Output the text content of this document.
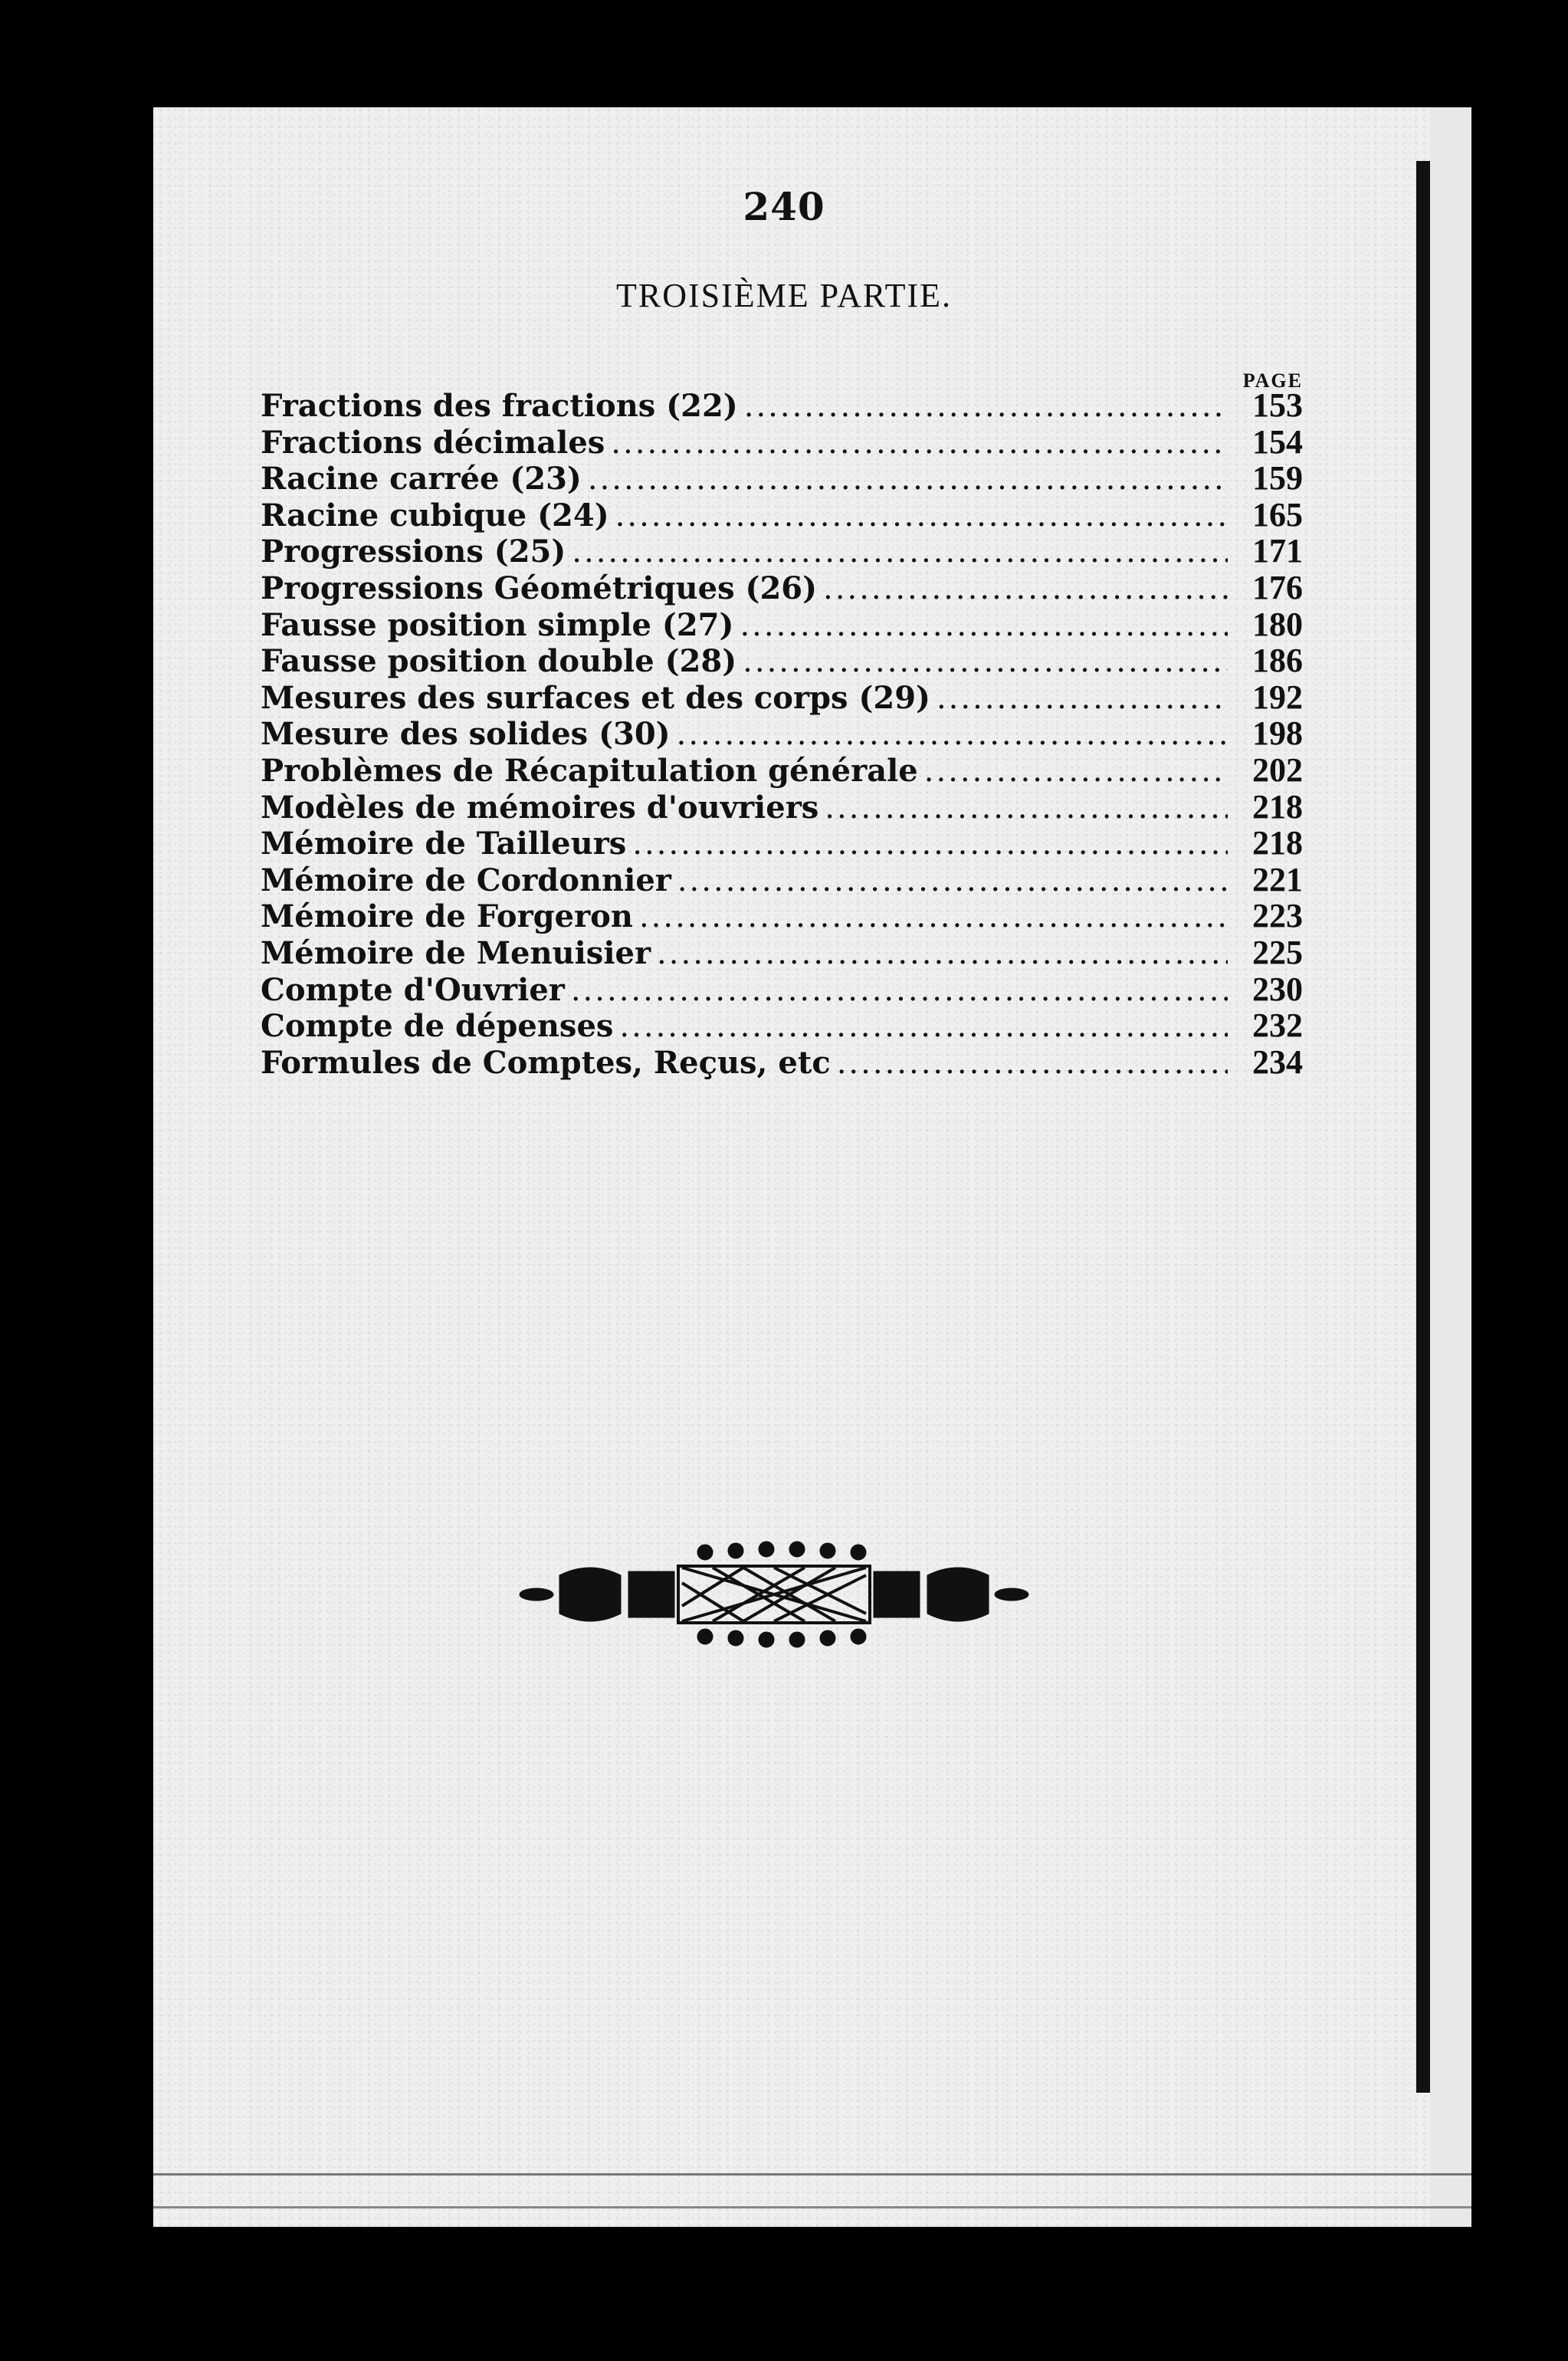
240
TROISIÈME PARTIE.
PAGE
Fractions des fractions (22) .....	153
Fractions décimales .....	154
Racine carrée (23) .....	159
Racine cubique (24) .....	165
Progressions (25) .....	171
Progressions Géométriques (26) .....	176
Fausse position simple (27) .....	180
Fausse position double (28) .....	186
Mesures des surfaces et des corps (29) .....	192
Mesure des solides (30) .....	198
Problèmes de Récapitulation générale .....	202
Modèles de mémoires d'ouvriers .....	218
Mémoire de Tailleurs .....	218
Mémoire de Cordonnier .....	221
Mémoire de Forgeron .....	223
Mémoire de Menuisier .....	225
Compte d'Ouvrier .....	230
Compte de dépenses .....	232
Formules de Comptes, Reçus, etc .....	234
